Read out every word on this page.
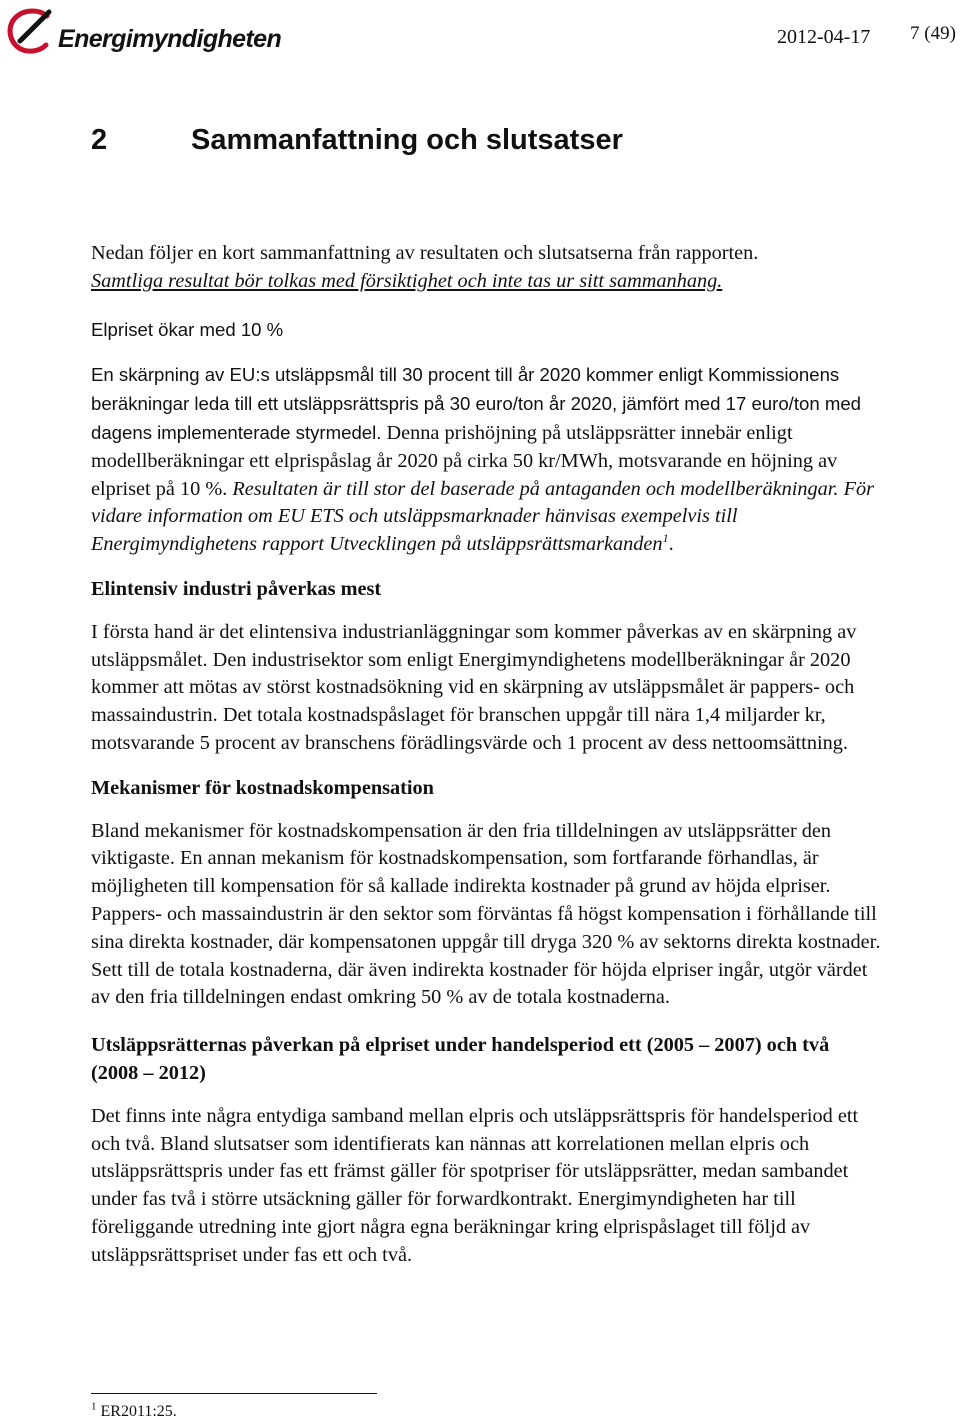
Energimyndigheten	2012-04-17 7 (49)
2	Sammanfattning och slutsatser

Nedan följer en kort sammanfattning av resultaten och slutsatserna från rapporten.
Samtliga resultat bör tolkas med försiktighet och inte tas ur sitt sammanhang.

Elpriset ökar med 10 %

En skärpning av EU:s utsläppsmål till 30 procent till år 2020 kommer enligt Kommissionens beräkningar leda till ett utsläppsrättspris på 30 euro/ton år 2020, jämfört med 17 euro/ton med dagens implementerade styrmedel. Denna prishöjning på utsläppsrätter innebär enligt modellberäkningar ett elprispåslag år 2020 på cirka 50 kr/MWh, motsvarande en höjning av elpriset på 10 %. Resultaten är till stor del baserade på antaganden och modellberäkningar. För vidare information om EU ETS och utsläppsmarknader hänvisas exempelvis till Energimyndighetens rapport Utvecklingen på utsläppsrättsmarkanden$^1$.

Elintensiv industri påverkas mest

I första hand är det elintensiva industrianläggningar som kommer påverkas av en skärpning av utsläppsmålet. Den industrisektor som enligt Energimyndighetens modellberäkningar år 2020 kommer att mötas av störst kostnadsökning vid en skärpning av utsläppsmålet är pappers- och massaindustrin. Det totala kostnadspåslaget för branschen uppgår till nära 1,4 miljarder kr, motsvarande 5 procent av branschens förädlingsvärde och 1 procent av dess nettoomsättning.

Mekanismer för kostnadskompensation

Bland mekanismer för kostnadskompensation är den fria tilldelningen av utsläppsrätter den viktigaste. En annan mekanism för kostnadskompensation, som fortfarande förhandlas, är möjligheten till kompensation för så kallade indirekta kostnader på grund av höjda elpriser. Pappers- och massaindustrin är den sektor som förväntas få högst kompensation i förhållande till sina direkta kostnader, där kompensatonen uppgår till dryga 320 % av sektorns direkta kostnader. Sett till de totala kostnaderna, där även indirekta kostnader för höjda elpriser ingår, utgör värdet av den fria tilldelningen endast omkring 50 % av de totala kostnaderna.

Utsläppsrätternas påverkan på elpriset under handelsperiod ett (2005 – 2007) och två (2008 – 2012)

Det finns inte några entydiga samband mellan elpris och utsläppsrättspris för handelsperiod ett och två. Bland slutsatser som identifierats kan nännas att korrelationen mellan elpris och utsläppsrättspris under fas ett främst gäller för spotpriser för utsläppsrätter, medan sambandet under fas två i större utsäckning gäller för forwardkontrakt. Energimyndigheten har till föreliggande utredning inte gjort några egna beräkningar kring elprispåslaget till följd av utsläppsrättspriset under fas ett och två.

$^1$ ER2011:25.
